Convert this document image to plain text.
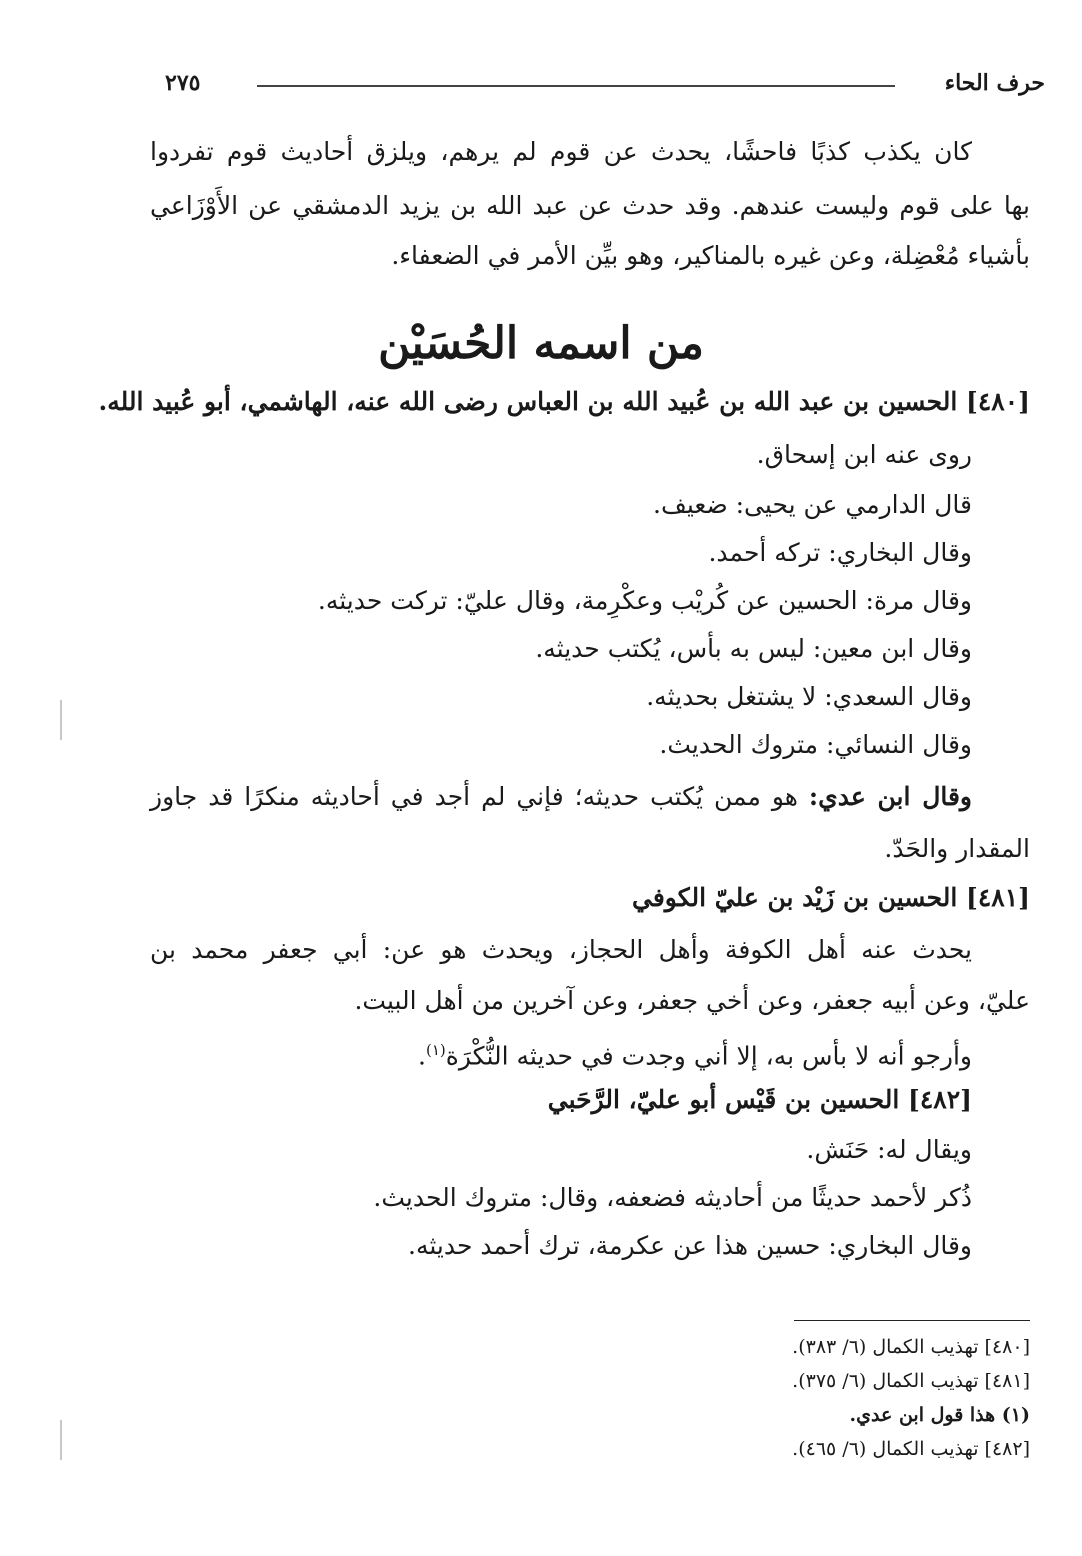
حرف الحاء
٢٧٥
كان يكذب كذبًا فاحشًا، يحدث عن قوم لم يرهم، ويلزق أحاديث قوم تفردوا
بها على قوم وليست عندهم. وقد حدث عن عبد الله بن يزيد الدمشقي عن الأَوْزَاعي
بأشياء مُعْضِلة، وعن غيره بالمناكير، وهو بيِّن الأمر في الضعفاء.
من اسمه الحُسَيْن
[٤٨٠] الحسين بن عبد الله بن عُبيد الله بن العباس رضى الله عنه، الهاشمي، أبو عُبيد الله.
روى عنه ابن إسحاق.
قال الدارمي عن يحيى: ضعيف.
وقال البخاري: تركه أحمد.
وقال مرة: الحسين عن كُريْب وعكْرِمة، وقال عليّ: تركت حديثه.
وقال ابن معين: ليس به بأس، يُكتب حديثه.
وقال السعدي: لا يشتغل بحديثه.
وقال النسائي: متروك الحديث.
وقال ابن عدي: هو ممن يُكتب حديثه؛ فإني لم أجد في أحاديثه منكرًا قد جاوز
المقدار والحَدّ.
[٤٨١] الحسين بن زَيْد بن عليّ الكوفي
يحدث عنه أهل الكوفة وأهل الحجاز، ويحدث هو عن: أبي جعفر محمد بن
عليّ، وعن أبيه جعفر، وعن أخي جعفر، وعن آخرين من أهل البيت.
وأرجو أنه لا بأس به، إلا أني وجدت في حديثه النُّكْرَة$^{(١)}$.
[٤٨٢] الحسين بن قَيْس أبو عليّ، الرَّحَبي
ويقال له: حَنَش.
ذُكر لأحمد حديثًا من أحاديثه فضعفه، وقال: متروك الحديث.
وقال البخاري: حسين هذا عن عكرمة، ترك أحمد حديثه.
[٤٨٠] تهذيب الكمال (٦/ ٣٨٣).
[٤٨١] تهذيب الكمال (٦/ ٣٧٥).
(١) هذا قول ابن عدي.
[٤٨٢] تهذيب الكمال (٦/ ٤٦٥).
